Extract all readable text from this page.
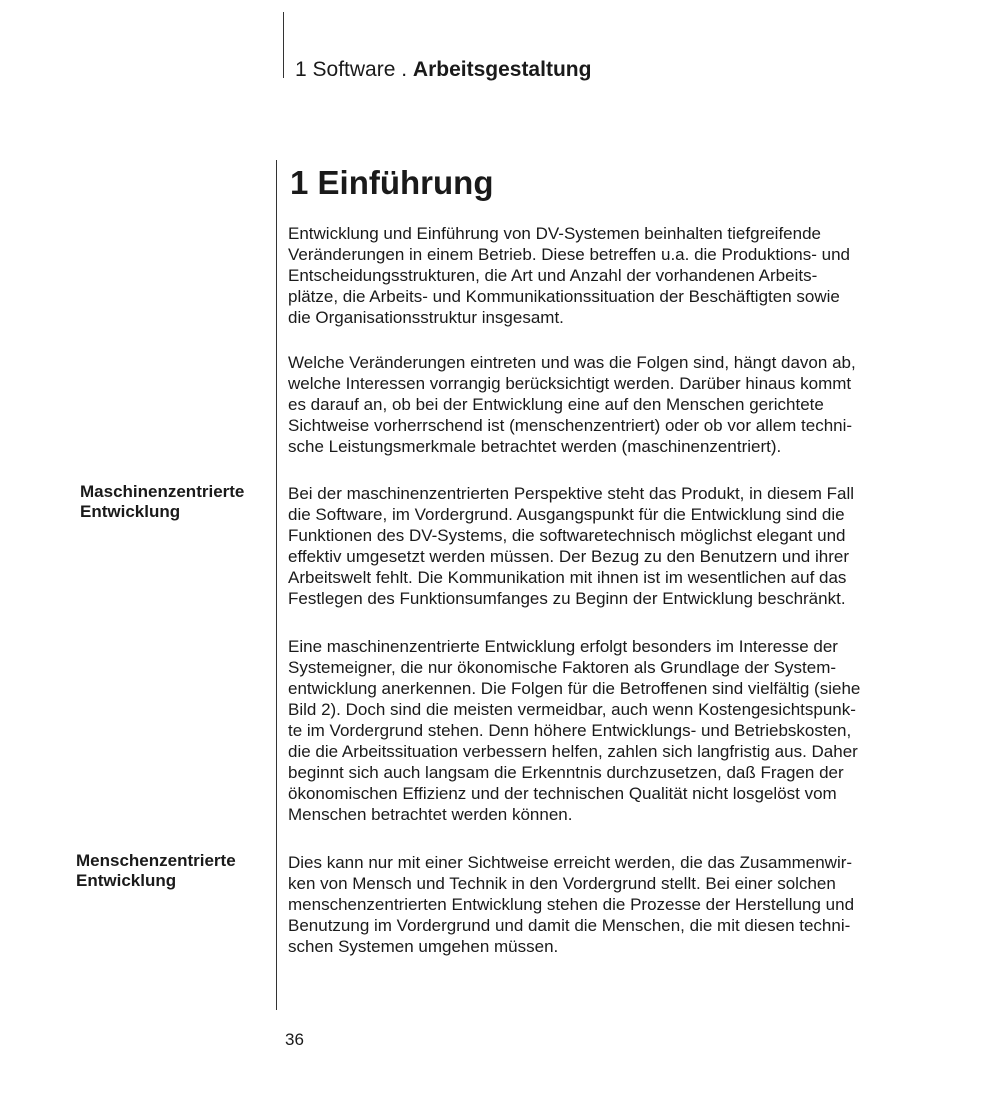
1 Software . Arbeitsgestaltung
1 Einführung
Maschinenzentrierte
Entwicklung
Menschenzentrierte
Entwicklung
Entwicklung und Einführung von DV-Systemen beinhalten tiefgreifende
Veränderungen in einem Betrieb. Diese betreffen u.a. die Produktions- und
Entscheidungsstrukturen, die Art und Anzahl der vorhandenen Arbeits-
plätze, die Arbeits- und Kommunikationssituation der Beschäftigten sowie
die Organisationsstruktur insgesamt.
Welche Veränderungen eintreten und was die Folgen sind, hängt davon ab,
welche Interessen vorrangig berücksichtigt werden. Darüber hinaus kommt
es darauf an, ob bei der Entwicklung eine auf den Menschen gerichtete
Sichtweise vorherrschend ist (menschenzentriert) oder ob vor allem techni-
sche Leistungsmerkmale betrachtet werden (maschinenzentriert).
Bei der maschinenzentrierten Perspektive steht das Produkt, in diesem Fall
die Software, im Vordergrund. Ausgangspunkt für die Entwicklung sind die
Funktionen des DV-Systems, die softwaretechnisch möglichst elegant und
effektiv umgesetzt werden müssen. Der Bezug zu den Benutzern und ihrer
Arbeitswelt fehlt. Die Kommunikation mit ihnen ist im wesentlichen auf das
Festlegen des Funktionsumfanges zu Beginn der Entwicklung beschränkt.
Eine maschinenzentrierte Entwicklung erfolgt besonders im Interesse der
Systemeigner, die nur ökonomische Faktoren als Grundlage der System-
entwicklung anerkennen. Die Folgen für die Betroffenen sind vielfältig (siehe
Bild 2). Doch sind die meisten vermeidbar, auch wenn Kostengesichtspunk-
te im Vordergrund stehen. Denn höhere Entwicklungs- und Betriebskosten,
die die Arbeitssituation verbessern helfen, zahlen sich langfristig aus. Daher
beginnt sich auch langsam die Erkenntnis durchzusetzen, daß Fragen der
ökonomischen Effizienz und der technischen Qualität nicht losgelöst vom
Menschen betrachtet werden können.
Dies kann nur mit einer Sichtweise erreicht werden, die das Zusammenwir-
ken von Mensch und Technik in den Vordergrund stellt. Bei einer solchen
menschenzentrierten Entwicklung stehen die Prozesse der Herstellung und
Benutzung im Vordergrund und damit die Menschen, die mit diesen techni-
schen Systemen umgehen müssen.
36
